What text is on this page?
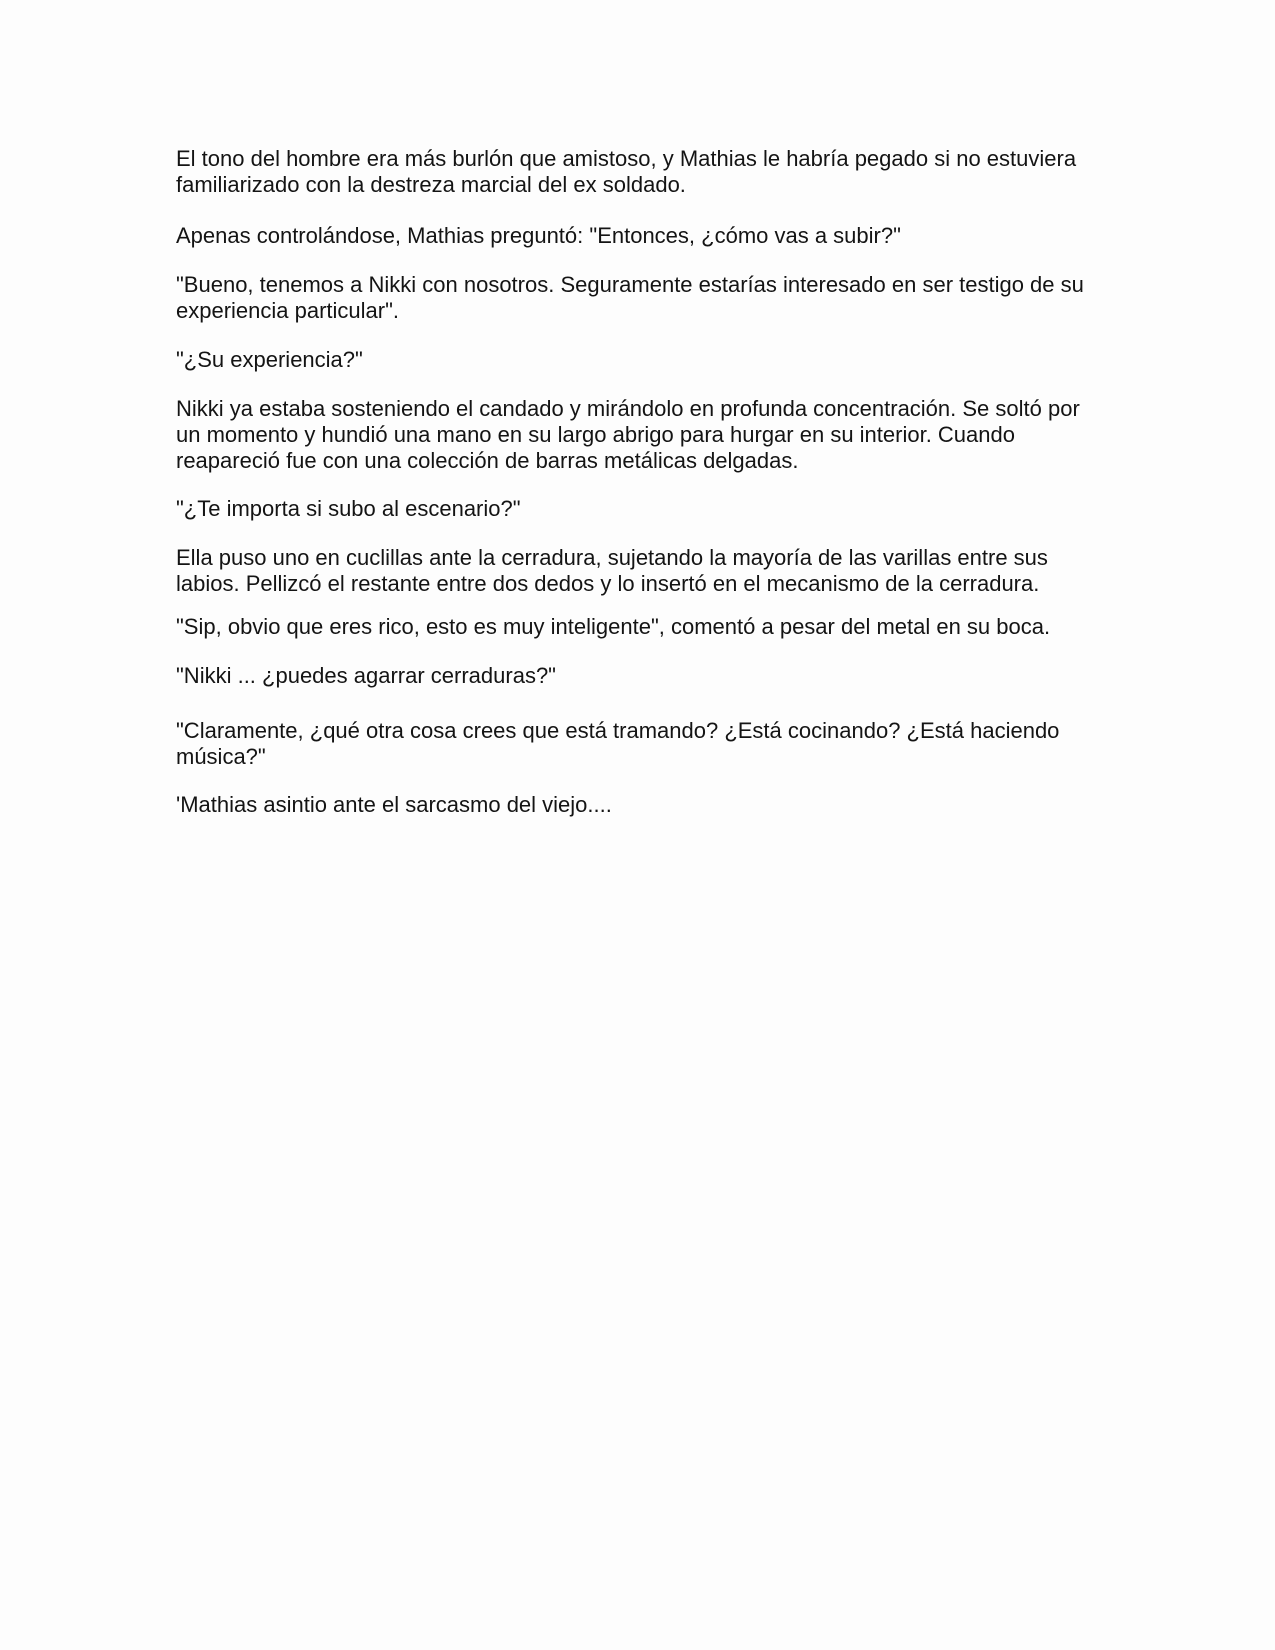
El tono del hombre era más burlón que amistoso, y Mathias le habría pegado si no estuviera familiarizado con la destreza marcial del ex soldado.

Apenas controlándose, Mathias preguntó: "Entonces, ¿cómo vas a subir?"

"Bueno, tenemos a Nikki con nosotros. Seguramente estarías interesado en ser testigo de su experiencia particular".

"¿Su experiencia?"

Nikki ya estaba sosteniendo el candado y mirándolo en profunda concentración. Se soltó por un momento y hundió una mano en su largo abrigo para hurgar en su interior. Cuando reapareció fue con una colección de barras metálicas delgadas.

"¿Te importa si subo al escenario?"

Ella puso uno en cuclillas ante la cerradura, sujetando la mayoría de las varillas entre sus labios. Pellizcó el restante entre dos dedos y lo insertó en el mecanismo de la cerradura.

"Sip, obvio que eres rico, esto es muy inteligente", comentó a pesar del metal en su boca.

"Nikki ... ¿puedes agarrar cerraduras?"

"Claramente, ¿qué otra cosa crees que está tramando? ¿Está cocinando? ¿Está haciendo música?"

'Mathias asintio ante el sarcasmo del viejo....
